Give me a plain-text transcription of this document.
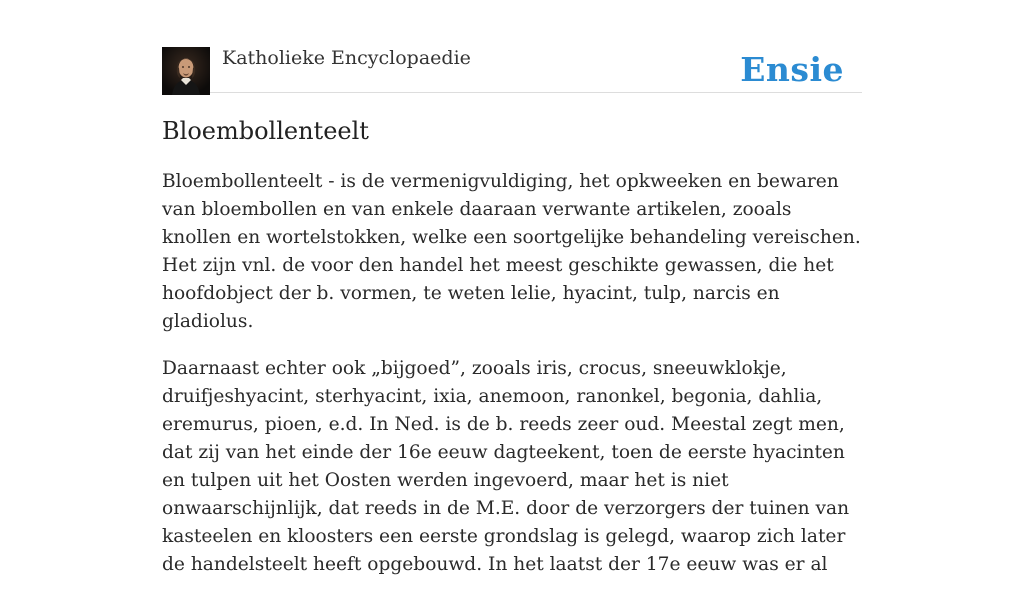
Katholieke Encyclopaedie	Ensie
Bloembollenteelt

Bloembollenteelt - is de vermenigvuldiging, het opkweeken en bewaren van bloembollen en van enkele daaraan verwante artikelen, zooals knollen en wortelstokken, welke een soortgelijke behandeling vereischen. Het zijn vnl. de voor den handel het meest geschikte gewassen, die het hoofdobject der b. vormen, te weten lelie, hyacint, tulp, narcis en gladiolus.

Daarnaast echter ook „bijgoed”, zooals iris, crocus, sneeuwklokje, druifjeshyacint, sterhyacint, ixia, anemoon, ranonkel, begonia, dahlia, eremurus, pioen, e.d. In Ned. is de b. reeds zeer oud. Meestal zegt men, dat zij van het einde der 16e eeuw dagteekent, toen de eerste hyacinten en tulpen uit het Oosten werden ingevoerd, maar het is niet onwaarschijnlijk, dat reeds in de M.E. door de verzorgers der tuinen van kasteelen en kloosters een eerste grondslag is gelegd, waarop zich later de handelsteelt heeft opgebouwd. In het laatst der 17e eeuw was er al
